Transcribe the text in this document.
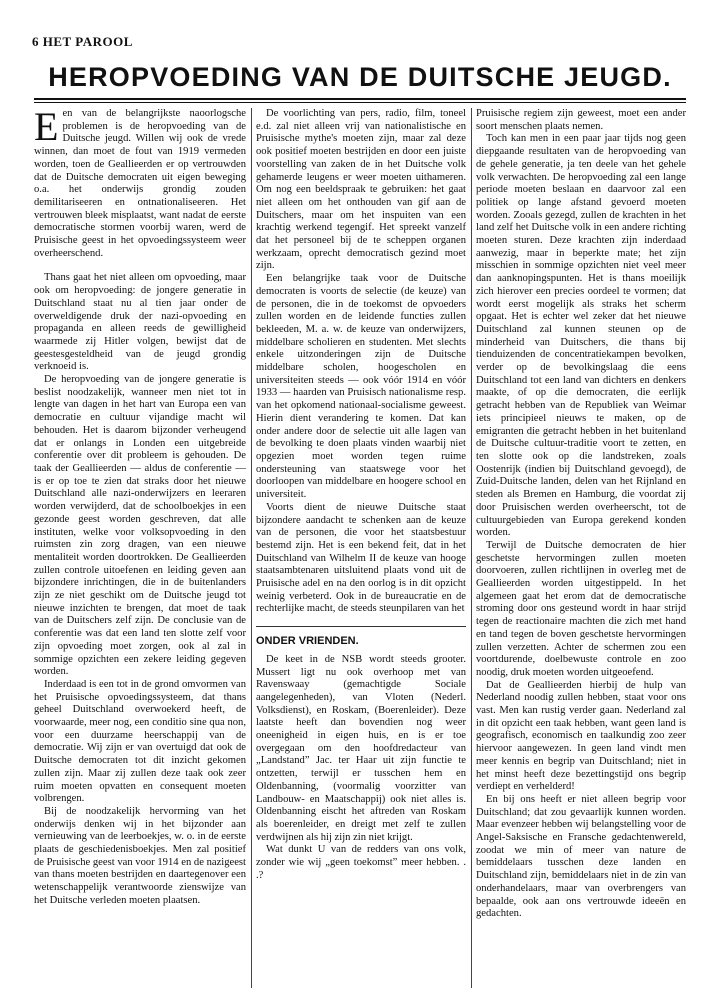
6 HET PAROOL
HEROPVOEDING VAN DE DUITSCHE JEUGD.

Een van de belangrijkste naoorlogsche problemen is de heropvoeding van de Duitsche jeugd. Willen wij ook de vrede winnen, dan moet de fout van 1919 vermeden worden, toen de Geallieerden er op vertrouwden dat de Duitsche democraten uit eigen beweging o.a. het onderwijs grondig zouden demilitariseeren en ontnationaliseeren. Het vertrouwen bleek misplaatst, want nadat de eerste democratische stormen voorbij waren, werd de Pruisische geest in het opvoedingssysteem weer overheerschend.

Thans gaat het niet alleen om opvoeding, maar ook om heropvoeding: de jongere generatie in Duitschland staat nu al tien jaar onder de overweldigende druk der nazi-opvoeding en propaganda en alleen reeds de gewilligheid waarmede zij Hitler volgen, bewijst dat de geestesgesteldheid van de jeugd grondig verknoeid is.

De heropvoeding van de jongere generatie is beslist noodzakelijk, wanneer men niet tot in lengte van dagen in het hart van Europa een van democratie en cultuur vijandige macht wil behouden. Het is daarom bijzonder verheugend dat er onlangs in Londen een uitgebreide conferentie over dit probleem is gehouden. De taak der Geallieerden — aldus de conferentie — is er op toe te zien dat straks door het nieuwe Duitschland alle nazi-onderwijzers en leeraren worden verwijderd, dat de schoolboekjes in een gezonde geest worden geschreven, dat alle instituten, welke voor volksopvoeding in den ruimsten zin zorg dragen, van een nieuwe mentaliteit worden doortrokken. De Geallieerden zullen controle uitoefenen en leiding geven aan bijzondere inrichtingen, die in de buitenlanders zijn ze niet geschikt om de Duitsche jeugd tot nieuwe inzichten te brengen, dat moet de taak van de Duitschers zelf zijn. De conclusie van de conferentie was dat een land ten slotte zelf voor zijn opvoeding moet zorgen, ook al zal in sommige opzichten een zekere leiding gegeven worden.

Inderdaad is een tot in de grond omvormen van het Pruisische opvoedingssysteem, dat thans geheel Duitschland overwoekerd heeft, de voorwaarde, meer nog, een conditio sine qua non, voor een duurzame heerschappij van de democratie. Wij zijn er van overtuigd dat ook de Duitsche democraten tot dit inzicht gekomen zullen zijn. Maar zij zullen deze taak ook zeer ruim moeten opvatten en consequent moeten volbrengen.

Bij de noodzakelijk hervorming van het onderwijs denken wij in het bijzonder aan vernieuwing van de leerboekjes, w. o. in de eerste plaats de geschiedenisboekjes. Men zal positief de Pruisische geest van voor 1914 en de nazigeest van thans moeten bestrijden en daartegenover een wetenschappelijk verantwoorde zienswijze van het Duitsche verleden moeten plaatsen.

De voorlichting van pers, radio, film, toneel e.d. zal niet alleen vrij van nationalistische en Pruisische mythe's moeten zijn, maar zal deze ook positief moeten bestrijden en door een juiste voorstelling van zaken de in het Duitsche volk gehamerde leugens er weer moeten uithameren. Om nog een beeldspraak te gebruiken: het gaat niet alleen om het onthouden van gif aan de Duitschers, maar om het inspuiten van een krachtig werkend tegengif. Het spreekt vanzelf dat het personeel bij de te scheppen organen werkzaam, oprecht democratisch gezind moet zijn.

Een belangrijke taak voor de Duitsche democraten is voorts de selectie (de keuze) van de personen, die in de toekomst de opvoeders zullen worden en de leidende functies zullen bekleeden, M. a. w. de keuze van onderwijzers, middelbare scholieren en studenten. Met slechts enkele uitzonderingen zijn de Duitsche middelbare scholen, hoogescholen en universiteiten steeds — ook vóór 1914 en vóór 1933 — haarden van Pruisisch nationalisme resp. van het opkomend nationaal-socialisme geweest. Hierin dient verandering te komen. Dat kan onder andere door de selectie uit alle lagen van de bevolking te doen plaats vinden waarbij niet opgezien moet worden tegen ruime ondersteuning van staatswege voor het doorloopen van middelbare en hoogere school en universiteit.

Voorts dient de nieuwe Duitsche staat bijzondere aandacht te schenken aan de keuze van de personen, die voor het staatsbestuur bestemd zijn. Het is een bekend feit, dat in het Duitschland van Wilhelm II de keuze van hooge staatsambtenaren uitsluitend plaats vond uit de Pruisische adel en na den oorlog is in dit opzicht weinig verbeterd. Ook in de bureaucratie en de rechterlijke macht, de steeds steunpilaren van het

ONDER VRIENDEN.

De keet in de NSB wordt steeds grooter. Mussert ligt nu ook overhoop met van Ravenswaay (gemachtigde Sociale aangelegenheden), van Vloten (Nederl. Volksdienst), en Roskam, (Boerenleider). Deze laatste heeft dan bovendien nog weer oneenigheid in eigen huis, en is er toe overgegaan om den hoofdredacteur van „Landstand” Jac. ter Haar uit zijn functie te ontzetten, terwijl er tusschen hem en Oldenbanning, (voormalig voorzitter van Landbouw- en Maatschappij) ook niet alles is. Oldenbanning eischt het aftreden van Roskam als boerenleider, en dreigt met zelf te zullen verdwijnen als hij zijn zin niet krijgt.

Wat dunkt U van de redders van ons volk, zonder wie wij „geen toekomst” meer hebben. . .?

Pruisische regiem zijn geweest, moet een ander soort menschen plaats nemen.

Toch kan men in een paar jaar tijds nog geen diepgaande resultaten van de heropvoeding van de gehele generatie, ja ten deele van het gehele volk verwachten. De heropvoeding zal een lange periode moeten beslaan en daarvoor zal een politiek op lange afstand gevoerd moeten worden. Zooals gezegd, zullen de krachten in het land zelf het Duitsche volk in een andere richting moeten sturen. Deze krachten zijn inderdaad aanwezig, maar in beperkte mate; het zijn misschien in sommige opzichten niet veel meer dan aanknopingspunten. Het is thans moeilijk zich hierover een precies oordeel te vormen; dat wordt eerst mogelijk als straks het scherm opgaat. Het is echter wel zeker dat het nieuwe Duitschland zal kunnen steunen op de minderheid van Duitschers, die thans bij tienduizenden de concentratiekampen bevolken, verder op de bevolkingslaag die eens Duitschland tot een land van dichters en denkers maakte, of op die democraten, die eerlijk getracht hebben van de Republiek van Weimar iets principieel nieuws te maken, op de emigranten die getracht hebben in het buitenland de Duitsche cultuur-traditie voort te zetten, en ten slotte ook op die landstreken, zoals Oostenrijk (indien bij Duitschland gevoegd), de Zuid-Duitsche landen, delen van het Rijnland en steden als Bremen en Hamburg, die voordat zij door Pruisischen werden overheerscht, tot de cultuurgebieden van Europa gerekend konden worden.

Terwijl de Duitsche democraten de hier geschetste hervormingen zullen moeten doorvoeren, zullen richtlijnen in overleg met de Geallieerden worden uitgestippeld. In het algemeen gaat het erom dat de democratische stroming door ons gesteund wordt in haar strijd tegen de reactionaire machten die zich met hand en tand tegen de boven geschetste hervormingen zullen verzetten. Achter de schermen zou een voortdurende, doelbewuste controle en zoo noodig, druk moeten worden uitgeoefend.

Dat de Geallieerden hierbij de hulp van Nederland noodig zullen hebben, staat voor ons vast. Men kan rustig verder gaan. Nederland zal in dit opzicht een taak hebben, want geen land is geografisch, economisch en taalkundig zoo zeer hiervoor aangewezen. In geen land vindt men meer kennis en begrip van Duitschland; niet in het minst heeft deze bezettingstijd ons begrip verdiept en verhelderd!

En bij ons heeft er niet alleen begrip voor Duitschland; dat zou gevaarlijk kunnen worden. Maar evenzeer hebben wij belangstelling voor de Angel-Saksische en Fransche gedachtenwereld, zoodat we min of meer van nature de bemiddelaars tusschen deze landen en Duitschland zijn, bemiddelaars niet in de zin van onderhandelaars, maar van overbrengers van bepaalde, ook aan ons vertrouwde ideeën en gedachten.
